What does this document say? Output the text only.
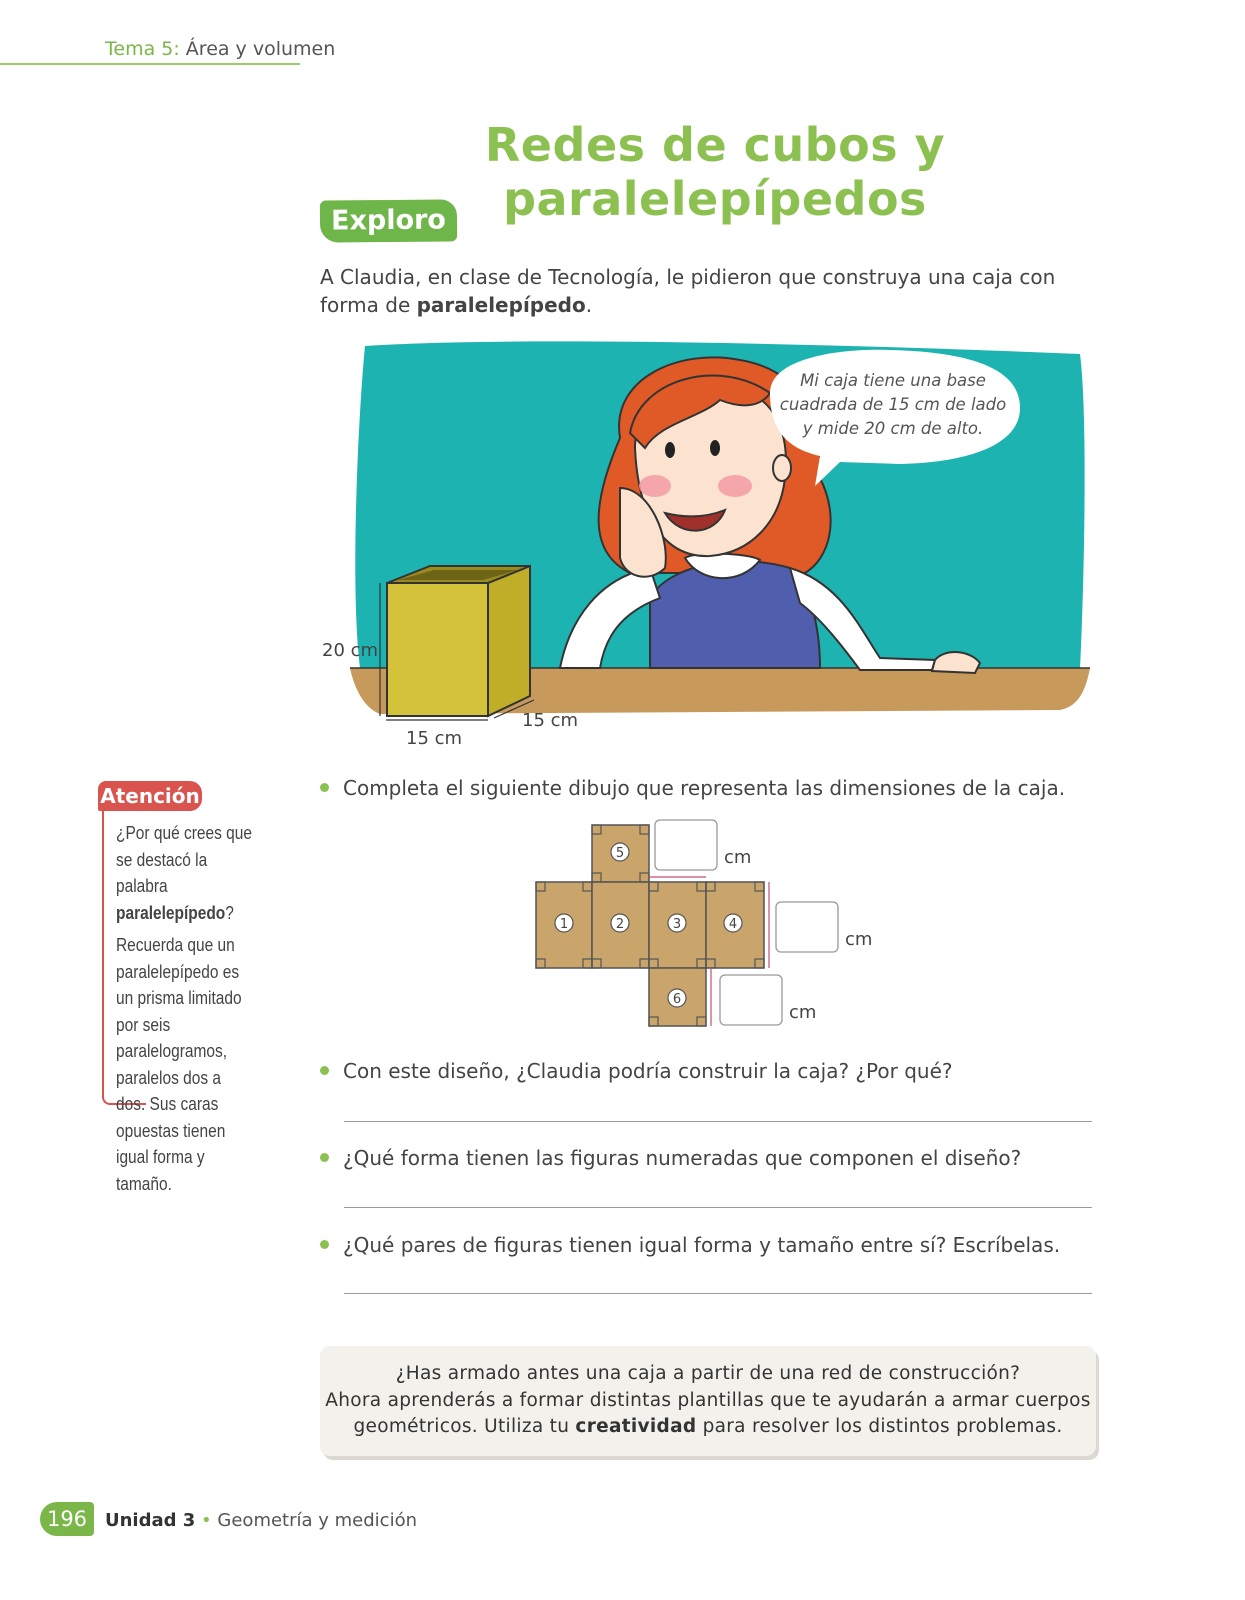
Tema 5: Área y volumen
Redes de cubos y paralelepípedos
Exploro
A Claudia, en clase de Tecnología, le pidieron que construya una caja con forma de paralelepípedo.
Mi caja tiene una base
cuadrada de 15 cm de lado
y mide 20 cm de alto.
20 cm
15 cm
15 cm
Completa el siguiente dibujo que representa las dimensiones de la caja.
5
1	2	3	4
6
cm
cm
cm
Con este diseño, ¿Claudia podría construir la caja? ¿Por qué?
¿Qué forma tienen las figuras numeradas que componen el diseño?
¿Qué pares de figuras tienen igual forma y tamaño entre sí? Escríbelas.
Atención

¿Por qué crees que se destacó la palabra paralelepípedo?

Recuerda que un paralelepípedo es un prisma limitado por seis paralelogramos, paralelos dos a dos. Sus caras opuestas tienen igual forma y tamaño.

¿Has armado antes una caja a partir de una red de construcción?

Ahora aprenderás a formar distintas plantillas que te ayudarán a armar cuerpos geométricos. Utiliza tu creatividad para resolver los distintos problemas.

196 Unidad 3 • Geometría y medición
